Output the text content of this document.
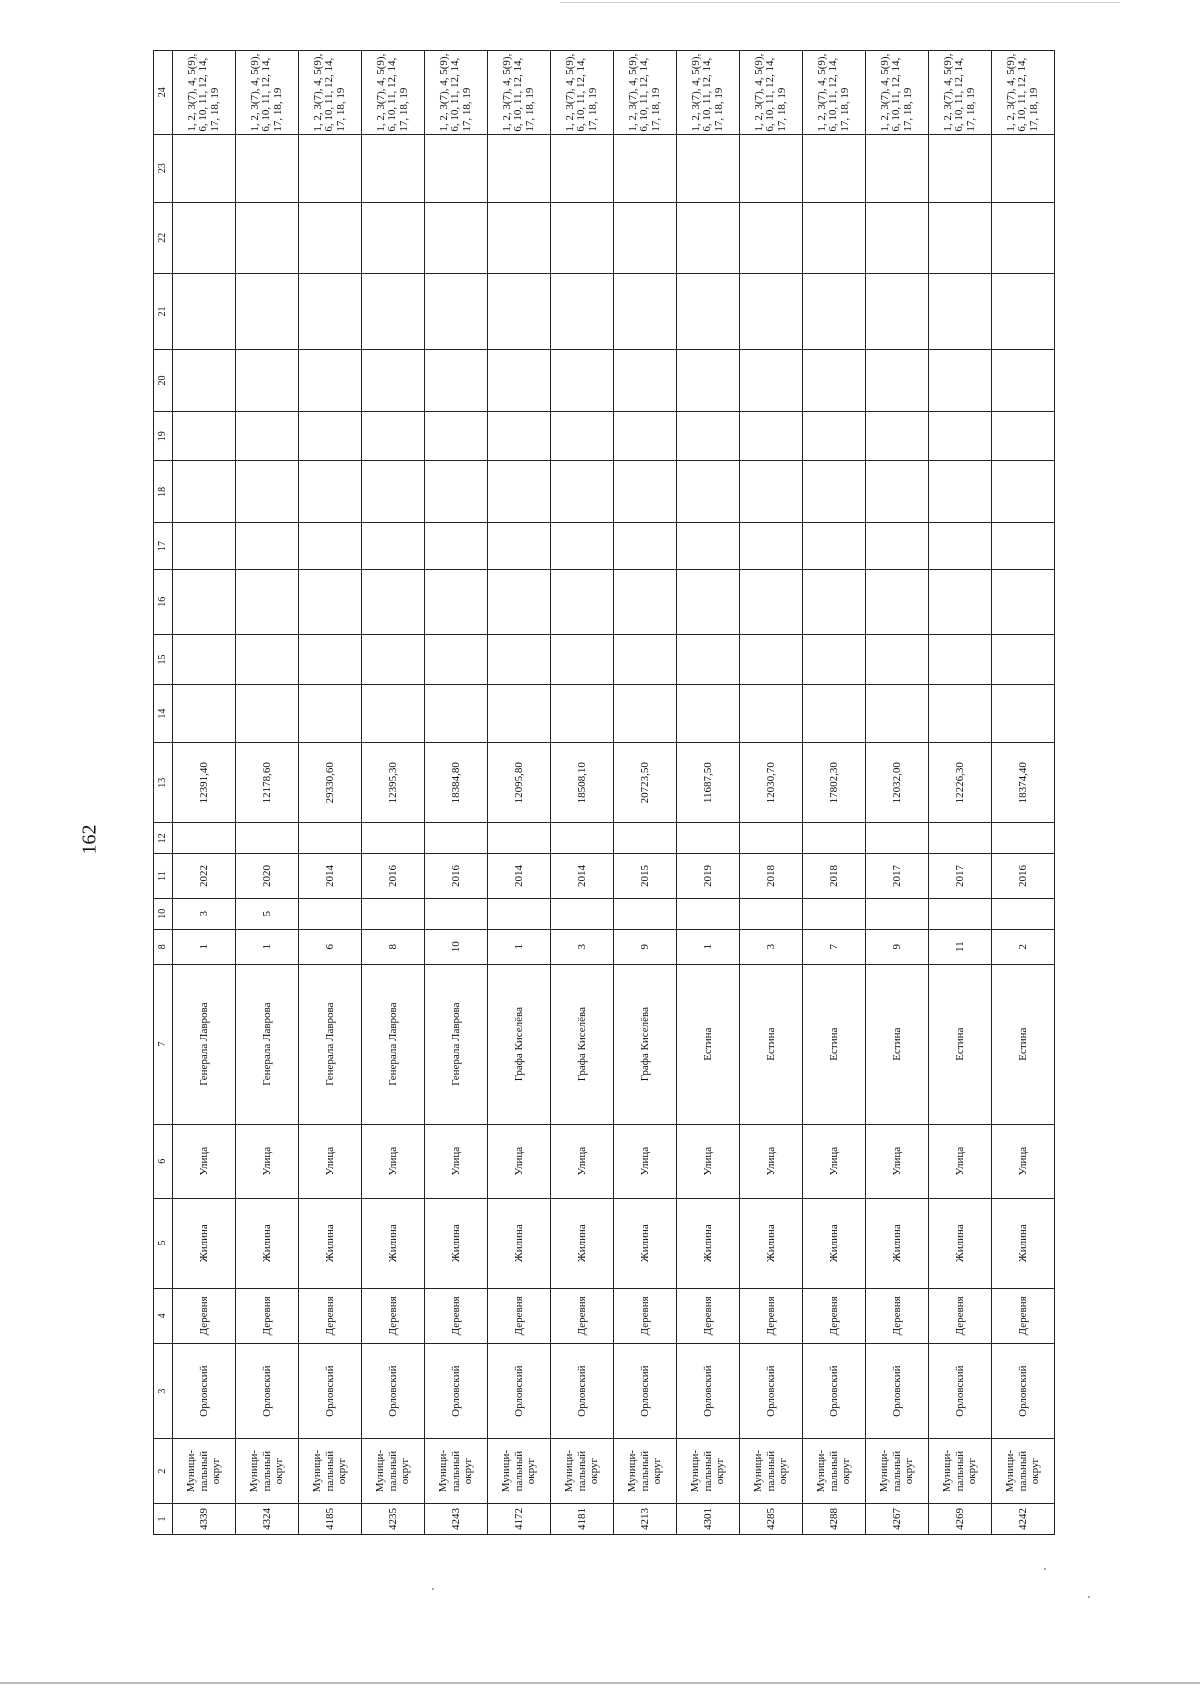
162
1	2	3	4	5	6	7	8	10	11	12	13	14	15	16	17	18	19	20	21	22	23	24
4339	Муници-
пальный
округ	Орловский	Деревня	Жилина	Улица	Генерала Лаврова	1	3	2022		12391,40											1, 2, 3(7), 4, 5(9), 6, 10, 11, 12, 14, 17, 18, 19
4324	Муници-
пальный
округ	Орловский	Деревня	Жилина	Улица	Генерала Лаврова	1	5	2020		12178,60											1, 2, 3(7), 4, 5(9), 6, 10, 11, 12, 14, 17, 18, 19
4185	Муници-
пальный
округ	Орловский	Деревня	Жилина	Улица	Генерала Лаврова	6		2014		29330,60											1, 2, 3(7), 4, 5(9), 6, 10, 11, 12, 14, 17, 18, 19
4235	Муници-
пальный
округ	Орловский	Деревня	Жилина	Улица	Генерала Лаврова	8		2016		12395,30											1, 2, 3(7), 4, 5(9), 6, 10, 11, 12, 14, 17, 18, 19
4243	Муници-
пальный
округ	Орловский	Деревня	Жилина	Улица	Генерала Лаврова	10		2016		18384,80											1, 2, 3(7), 4, 5(9), 6, 10, 11, 12, 14, 17, 18, 19
4172	Муници-
пальный
округ	Орловский	Деревня	Жилина	Улица	Графа Киселёва	1		2014		12095,80											1, 2, 3(7), 4, 5(9), 6, 10, 11, 12, 14, 17, 18, 19
4181	Муници-
пальный
округ	Орловский	Деревня	Жилина	Улица	Графа Киселёва	3		2014		18508,10											1, 2, 3(7), 4, 5(9), 6, 10, 11, 12, 14, 17, 18, 19
4213	Муници-
пальный
округ	Орловский	Деревня	Жилина	Улица	Графа Киселёва	9		2015		20723,50											1, 2, 3(7), 4, 5(9), 6, 10, 11, 12, 14, 17, 18, 19
4301	Муници-
пальный
округ	Орловский	Деревня	Жилина	Улица	Естина	1		2019		11687,50											1, 2, 3(7), 4, 5(9), 6, 10, 11, 12, 14, 17, 18, 19
4285	Муници-
пальный
округ	Орловский	Деревня	Жилина	Улица	Естина	3		2018		12030,70											1, 2, 3(7), 4, 5(9), 6, 10, 11, 12, 14, 17, 18, 19
4288	Муници-
пальный
округ	Орловский	Деревня	Жилина	Улица	Естина	7		2018		17802,30											1, 2, 3(7), 4, 5(9), 6, 10, 11, 12, 14, 17, 18, 19
4267	Муници-
пальный
округ	Орловский	Деревня	Жилина	Улица	Естина	9		2017		12032,00											1, 2, 3(7), 4, 5(9), 6, 10, 11, 12, 14, 17, 18, 19
4269	Муници-
пальный
округ	Орловский	Деревня	Жилина	Улица	Естина	11		2017		12226,30											1, 2, 3(7), 4, 5(9), 6, 10, 11, 12, 14, 17, 18, 19
4242	Муници-
пальный
округ	Орловский	Деревня	Жилина	Улица	Естина	2		2016		18374,40											1, 2, 3(7), 4, 5(9), 6, 10, 11, 12, 14, 17, 18, 19
